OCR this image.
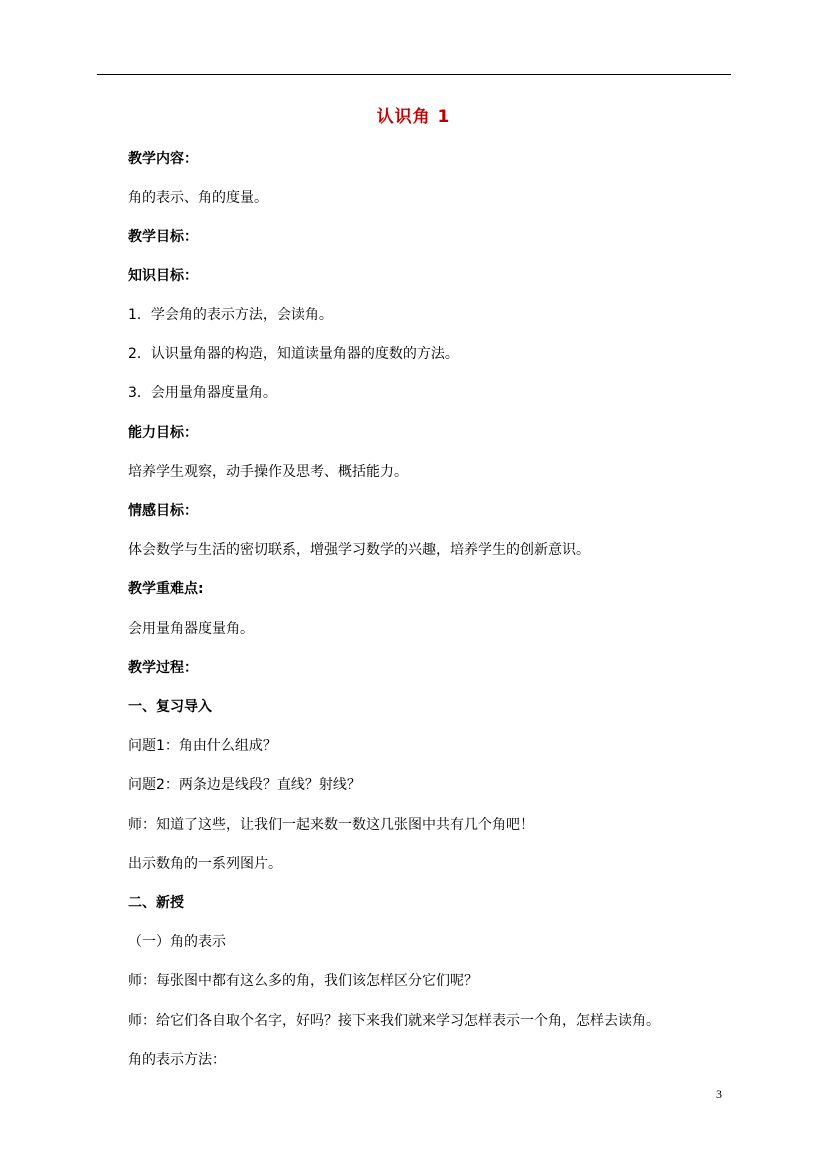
认识角 1
教学内容：
角的表示、角的度量。
教学目标：
知识目标：
1．学会角的表示方法，会读角。
2．认识量角器的构造，知道读量角器的度数的方法。
3．会用量角器度量角。
能力目标：
培养学生观察，动手操作及思考、概括能力。
情感目标：
体会数学与生活的密切联系，增强学习数学的兴趣，培养学生的创新意识。
教学重难点:
会用量角器度量角。
教学过程：
一、复习导入
问题1：角由什么组成？
问题2：两条边是线段？直线？射线？
师：知道了这些，让我们一起来数一数这几张图中共有几个角吧！
出示数角的一系列图片。
二、新授
（一）角的表示
师：每张图中都有这么多的角，我们该怎样区分它们呢？
师：给它们各自取个名字，好吗？接下来我们就来学习怎样表示一个角，怎样去读角。
角的表示方法：
3
